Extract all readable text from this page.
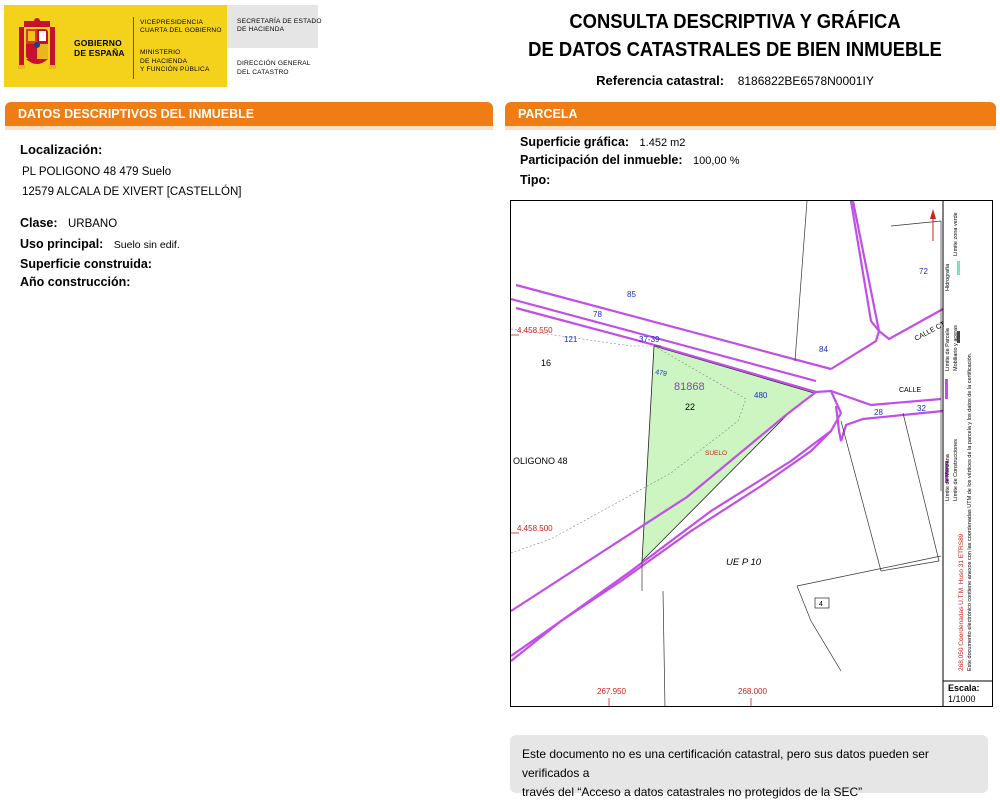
GOBIERNO
DE ESPAÑA
VICEPRESIDENCIA
CUARTA DEL GOBIERNO
MINISTERIO
DE HACIENDA
Y FUNCIÓN PÚBLICA
SECRETARÍA DE ESTADO
DE HACIENDA
DIRECCIÓN GENERAL
DEL CATASTRO
CONSULTA DESCRIPTIVA Y GRÁFICA
DE DATOS CATASTRALES DE BIEN INMUEBLE
Referencia catastral: 8186822BE6578N0001IY
DATOS DESCRIPTIVOS DEL INMUEBLE	PARCELA
Localización:
PL POLIGONO 48 479 Suelo
12579 ALCALA DE XIVERT [CASTELLÓN]
Clase: URBANO
Uso principal: Suelo sin edif.
Superficie construida:
Año construcción:
Superficie gráfica: 1.452 m2
Participación del inmueble: 100,00 %
Tipo:
85
78
121
16
37-39
479
81868
22
480
84
72
28	32
SUELO
OLIGONO 48
UE P 10
CALLE
CALLE CT
4
4.458.550
4.458.500
267.950	268.000
Límite de Manzana Límite de Construcciones
Límite de Parcela Mobiliario y aceras
Hidrografía
Límite zona verde
268,050 Coordenadas U.T.M. Huso 31 ETRS89 Este documento electrónico contiene anexos con las coordenadas UTM de los vértices de la parcela y los datos de la certificación.
Escala:
1/1000
Este documento no es una certificación catastral, pero sus datos pueden ser verificados a
través del “Acceso a datos catastrales no protegidos de la SEC”
